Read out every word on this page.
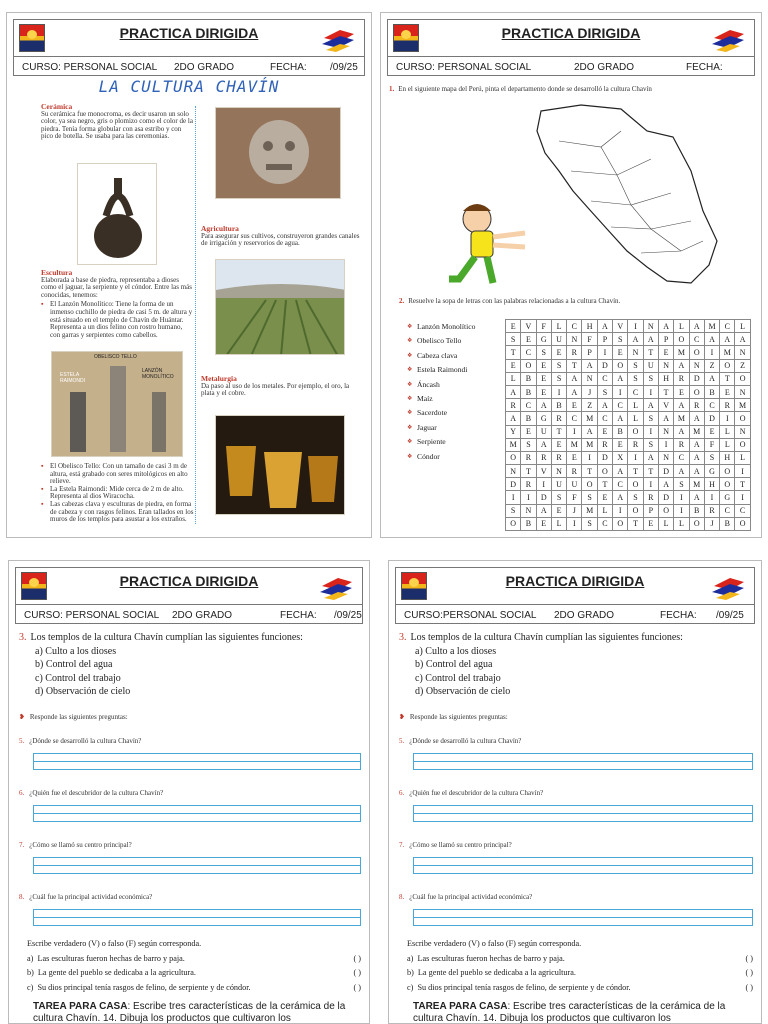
PRACTICA DIRIGIDA
CURSO: PERSONAL SOCIAL 2DO GRADO	FECHA: /09/25
LA CULTURA CHAVÍN
Cerámica
Su cerámica fue monocroma, es decir usaron un solo color, ya sea negro, gris o plomizo como el color de la piedra. Tenía forma globular con asa estribo y con pico de botella. Se usaba para las ceremonias.
Agricultura
Para asegurar sus cultivos, construyeron grandes canales de irrigación y reservorios de agua.
Escultura
Elaborada a base de piedra, representaba a dioses como el jaguar, la serpiente y el cóndor. Entre las más conocidas, tenemos:
▪ El Lanzón Monolítico: Tiene la forma de un inmenso cuchillo de piedra de casi 5 m. de altura y está situado en el templo de Chavín de Huántar. Representa a un dios felino con rostro humano, con garras y serpientes como cabellos.
OBELISCO TELLO
ESTELA RAIMONDI
LANZÓN MONOLÍTICO	Metalurgia
Da paso al uso de los metales. Por ejemplo, el oro, la plata y el cobre.
▪ El Obelisco Tello: Con un tamaño de casi 3 m de altura, está grabado con seres mitológicos en alto relieve.
▪ La Estela Raimondi: Mide cerca de 2 m de alto. Representa al dios Wiracocha.
▪ Las cabezas clava y esculturas de piedra, en forma de cabeza y con rasgos felinos. Eran tallados en los muros de los templos para asustar a los extraños.
PRACTICA DIRIGIDA
CURSO: PERSONAL SOCIAL	2DO GRADO	FECHA:
1. En el siguiente mapa del Perú, pinta el departamento donde se desarrolló la cultura Chavín
2. Resuelve la sopa de letras con las palabras relacionadas a la cultura Chavín.
❖ Lanzón Monolítico
❖ Obelisco Tello
❖ Cabeza clava
❖ Estela Raimondi
❖ Áncash
❖ Maíz
❖ Sacerdote
❖ Jaguar
❖ Serpiente
❖ Cóndor
E	V	F	L	C	H	A	V	I	N	A	L	A	M	C	L
S	E	G	U	N	F	P	S	A	A	P	O	C	A	A	A
T	C	S	E	R	P	I	E	N	T	E	M	O	I	M	N
E	O	E	S	T	A	D	O	S	U	N	A	N	Z	O	Z
L	B	E	S	A	N	C	A	S	S	H	R	D	A	T	O
A	B	E	I	A	J	S	I	C	I	T	E	O	B	E	N
R	C	A	B	E	Z	A	C	L	A	V	A	R	C	R	M
A	B	G	R	C	M	C	A	L	S	A	M	A	D	I	O
Y	E	U	T	I	A	E	B	O	I	N	A	M	E	L	N
M	S	A	E	M	M	R	E	R	S	I	R	A	F	L	O
O	R	R	R	E	I	D	X	I	A	N	C	A	S	H	L
N	T	V	N	R	T	O	A	T	T	D	A	A	G	O	I
D	R	I	U	U	O	T	C	O	I	A	S	M	H	O	T
I	I	D	S	F	S	E	A	S	R	D	I	A	I	G	I
S	N	A	E	J	M	L	I	O	P	O	I	B	R	C	C
O	B	E	L	I	S	C	O	T	E	L	L	O	J	B	O
PRACTICA DIRIGIDA
CURSO: PERSONAL SOCIAL 2DO GRADO	FECHA: /09/25
3. Los templos de la cultura Chavín cumplían las siguientes funciones:
a) Culto a los dioses
b) Control del agua
c) Control del trabajo
d) Observación de cielo
❥ Responde las siguientes preguntas:
5. ¿Dónde se desarrolló la cultura Chavín?
6. ¿Quién fue el descubridor de la cultura Chavín?
7. ¿Cómo se llamó su centro principal?
8. ¿Cuál fue la principal actividad económica?
Escribe verdadero (V) o falso (F) según corresponda.
a) Las esculturas fueron hechas de barro y paja.	( )
b) La gente del pueblo se dedicaba a la agricultura.	( )
c) Su dios principal tenía rasgos de felino, de serpiente y de cóndor.	( )
TAREA PARA CASA: Escribe tres características de la cerámica de la cultura Chavín. 14. Dibuja los productos que cultivaron los
PRACTICA DIRIGIDA
CURSO:PERSONAL SOCIAL 2DO GRADO	FECHA: /09/25
3. Los templos de la cultura Chavín cumplían las siguientes funciones:
a) Culto a los dioses
b) Control del agua
c) Control del trabajo
d) Observación de cielo
❥ Responde las siguientes preguntas:
5. ¿Dónde se desarrolló la cultura Chavín?
6. ¿Quién fue el descubridor de la cultura Chavín?
7. ¿Cómo se llamó su centro principal?
8. ¿Cuál fue la principal actividad económica?
Escribe verdadero (V) o falso (F) según corresponda.
a) Las esculturas fueron hechas de barro y paja.	( )
b) La gente del pueblo se dedicaba a la agricultura.	( )
c) Su dios principal tenía rasgos de felino, de serpiente y de cóndor.	( )
TAREA PARA CASA: Escribe tres características de la cerámica de la cultura Chavín. 14. Dibuja los productos que cultivaron los
